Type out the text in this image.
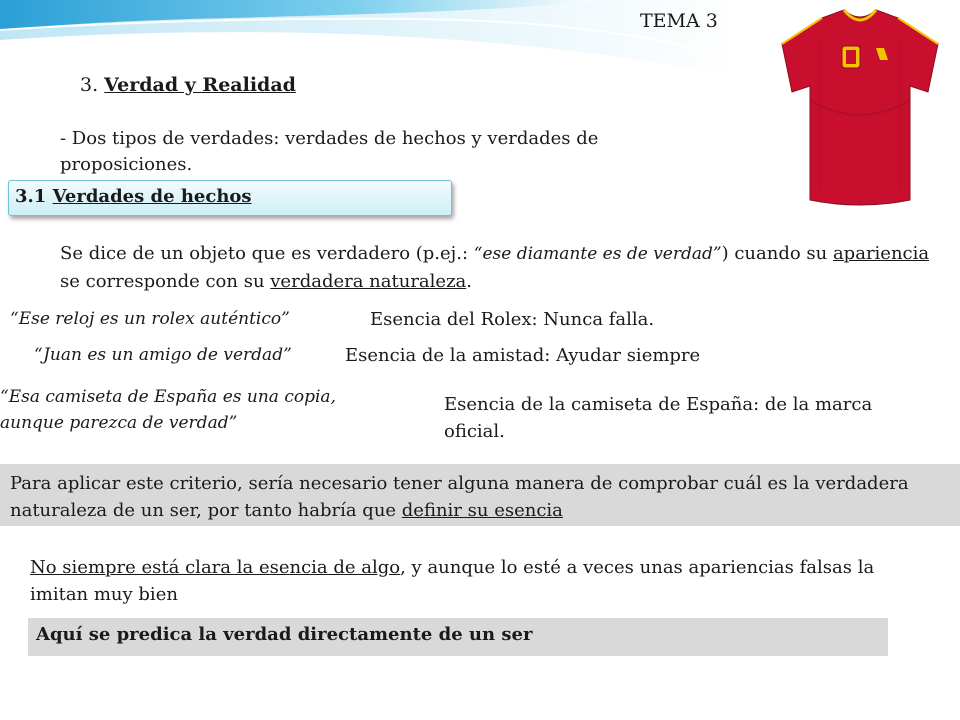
TEMA 3
3. Verdad y Realidad
- Dos tipos de verdades: verdades de hechos y verdades de proposiciones.
3.1 Verdades de hechos
Se dice de un objeto que es verdadero (p.ej.: “ese diamante es de verdad”) cuando su apariencia se corresponde con su verdadera naturaleza.
“Ese reloj es un rolex auténtico”	Esencia del Rolex: Nunca falla.
“Juan es un amigo de verdad”	Esencia de la amistad: Ayudar siempre
“Esa camiseta de España es una copia, aunque parezca de verdad”
Esencia de la camiseta de España: de la marca oficial.
Para aplicar este criterio, sería necesario tener alguna manera de comprobar cuál es la verdadera naturaleza de un ser, por tanto habría que definir su esencia
No siempre está clara la esencia de algo, y aunque lo esté a veces unas apariencias falsas la imitan muy bien
Aquí se predica la verdad directamente de un ser
